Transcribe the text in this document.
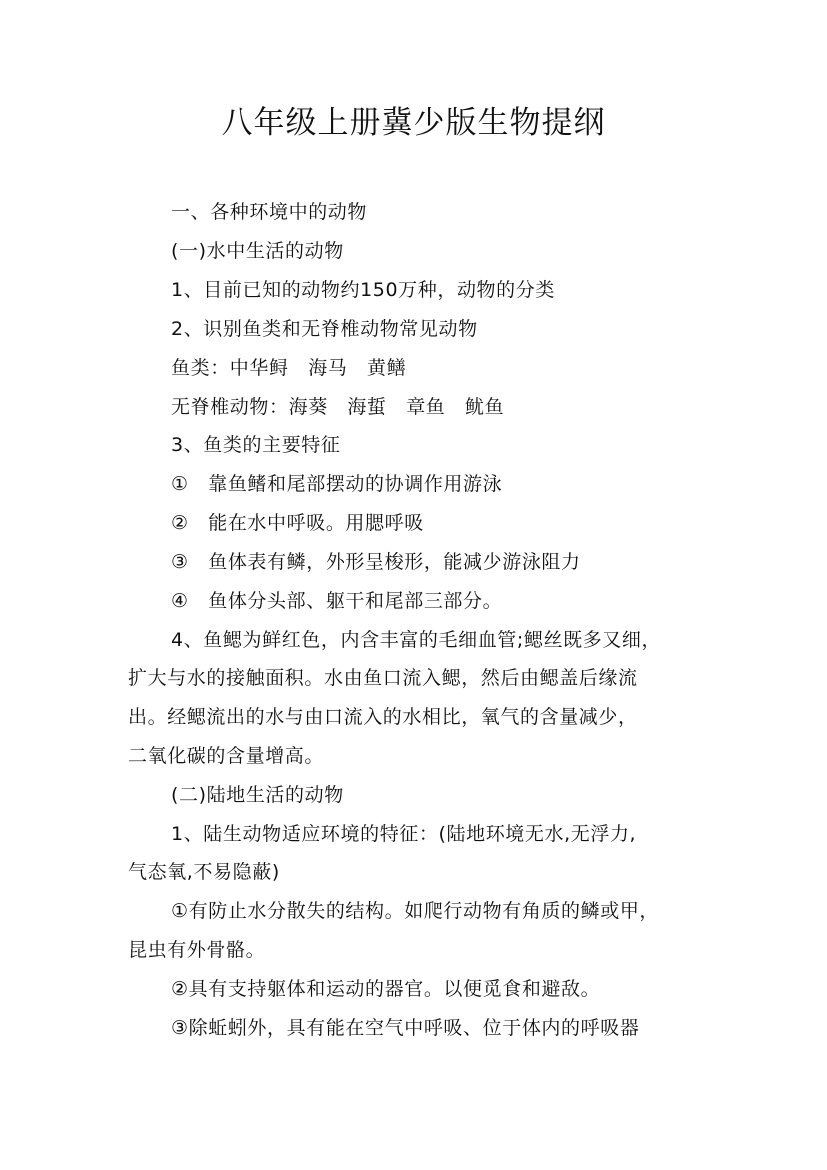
八年级上册冀少版生物提纲
一、各种环境中的动物
(一)水中生活的动物
1、目前已知的动物约150万种，动物的分类
2、识别鱼类和无脊椎动物常见动物
鱼类：中华鲟　海马　黄鳝
无脊椎动物：海葵　海蜇　章鱼　鱿鱼
3、鱼类的主要特征
①　靠鱼鳍和尾部摆动的协调作用游泳
②　能在水中呼吸。用腮呼吸
③　鱼体表有鳞，外形呈梭形，能减少游泳阻力
④　鱼体分头部、躯干和尾部三部分。
4、鱼鳃为鲜红色，内含丰富的毛细血管;鳃丝既多又细，
扩大与水的接触面积。水由鱼口流入鳃，然后由鳃盖后缘流
出。经鳃流出的水与由口流入的水相比，氧气的含量减少，
二氧化碳的含量增高。
(二)陆地生活的动物
1、陆生动物适应环境的特征：(陆地环境无水,无浮力,
气态氧,不易隐蔽)
①有防止水分散失的结构。如爬行动物有角质的鳞或甲，
昆虫有外骨骼。
②具有支持躯体和运动的器官。以便觅食和避敌。
③除蚯蚓外，具有能在空气中呼吸、位于体内的呼吸器
